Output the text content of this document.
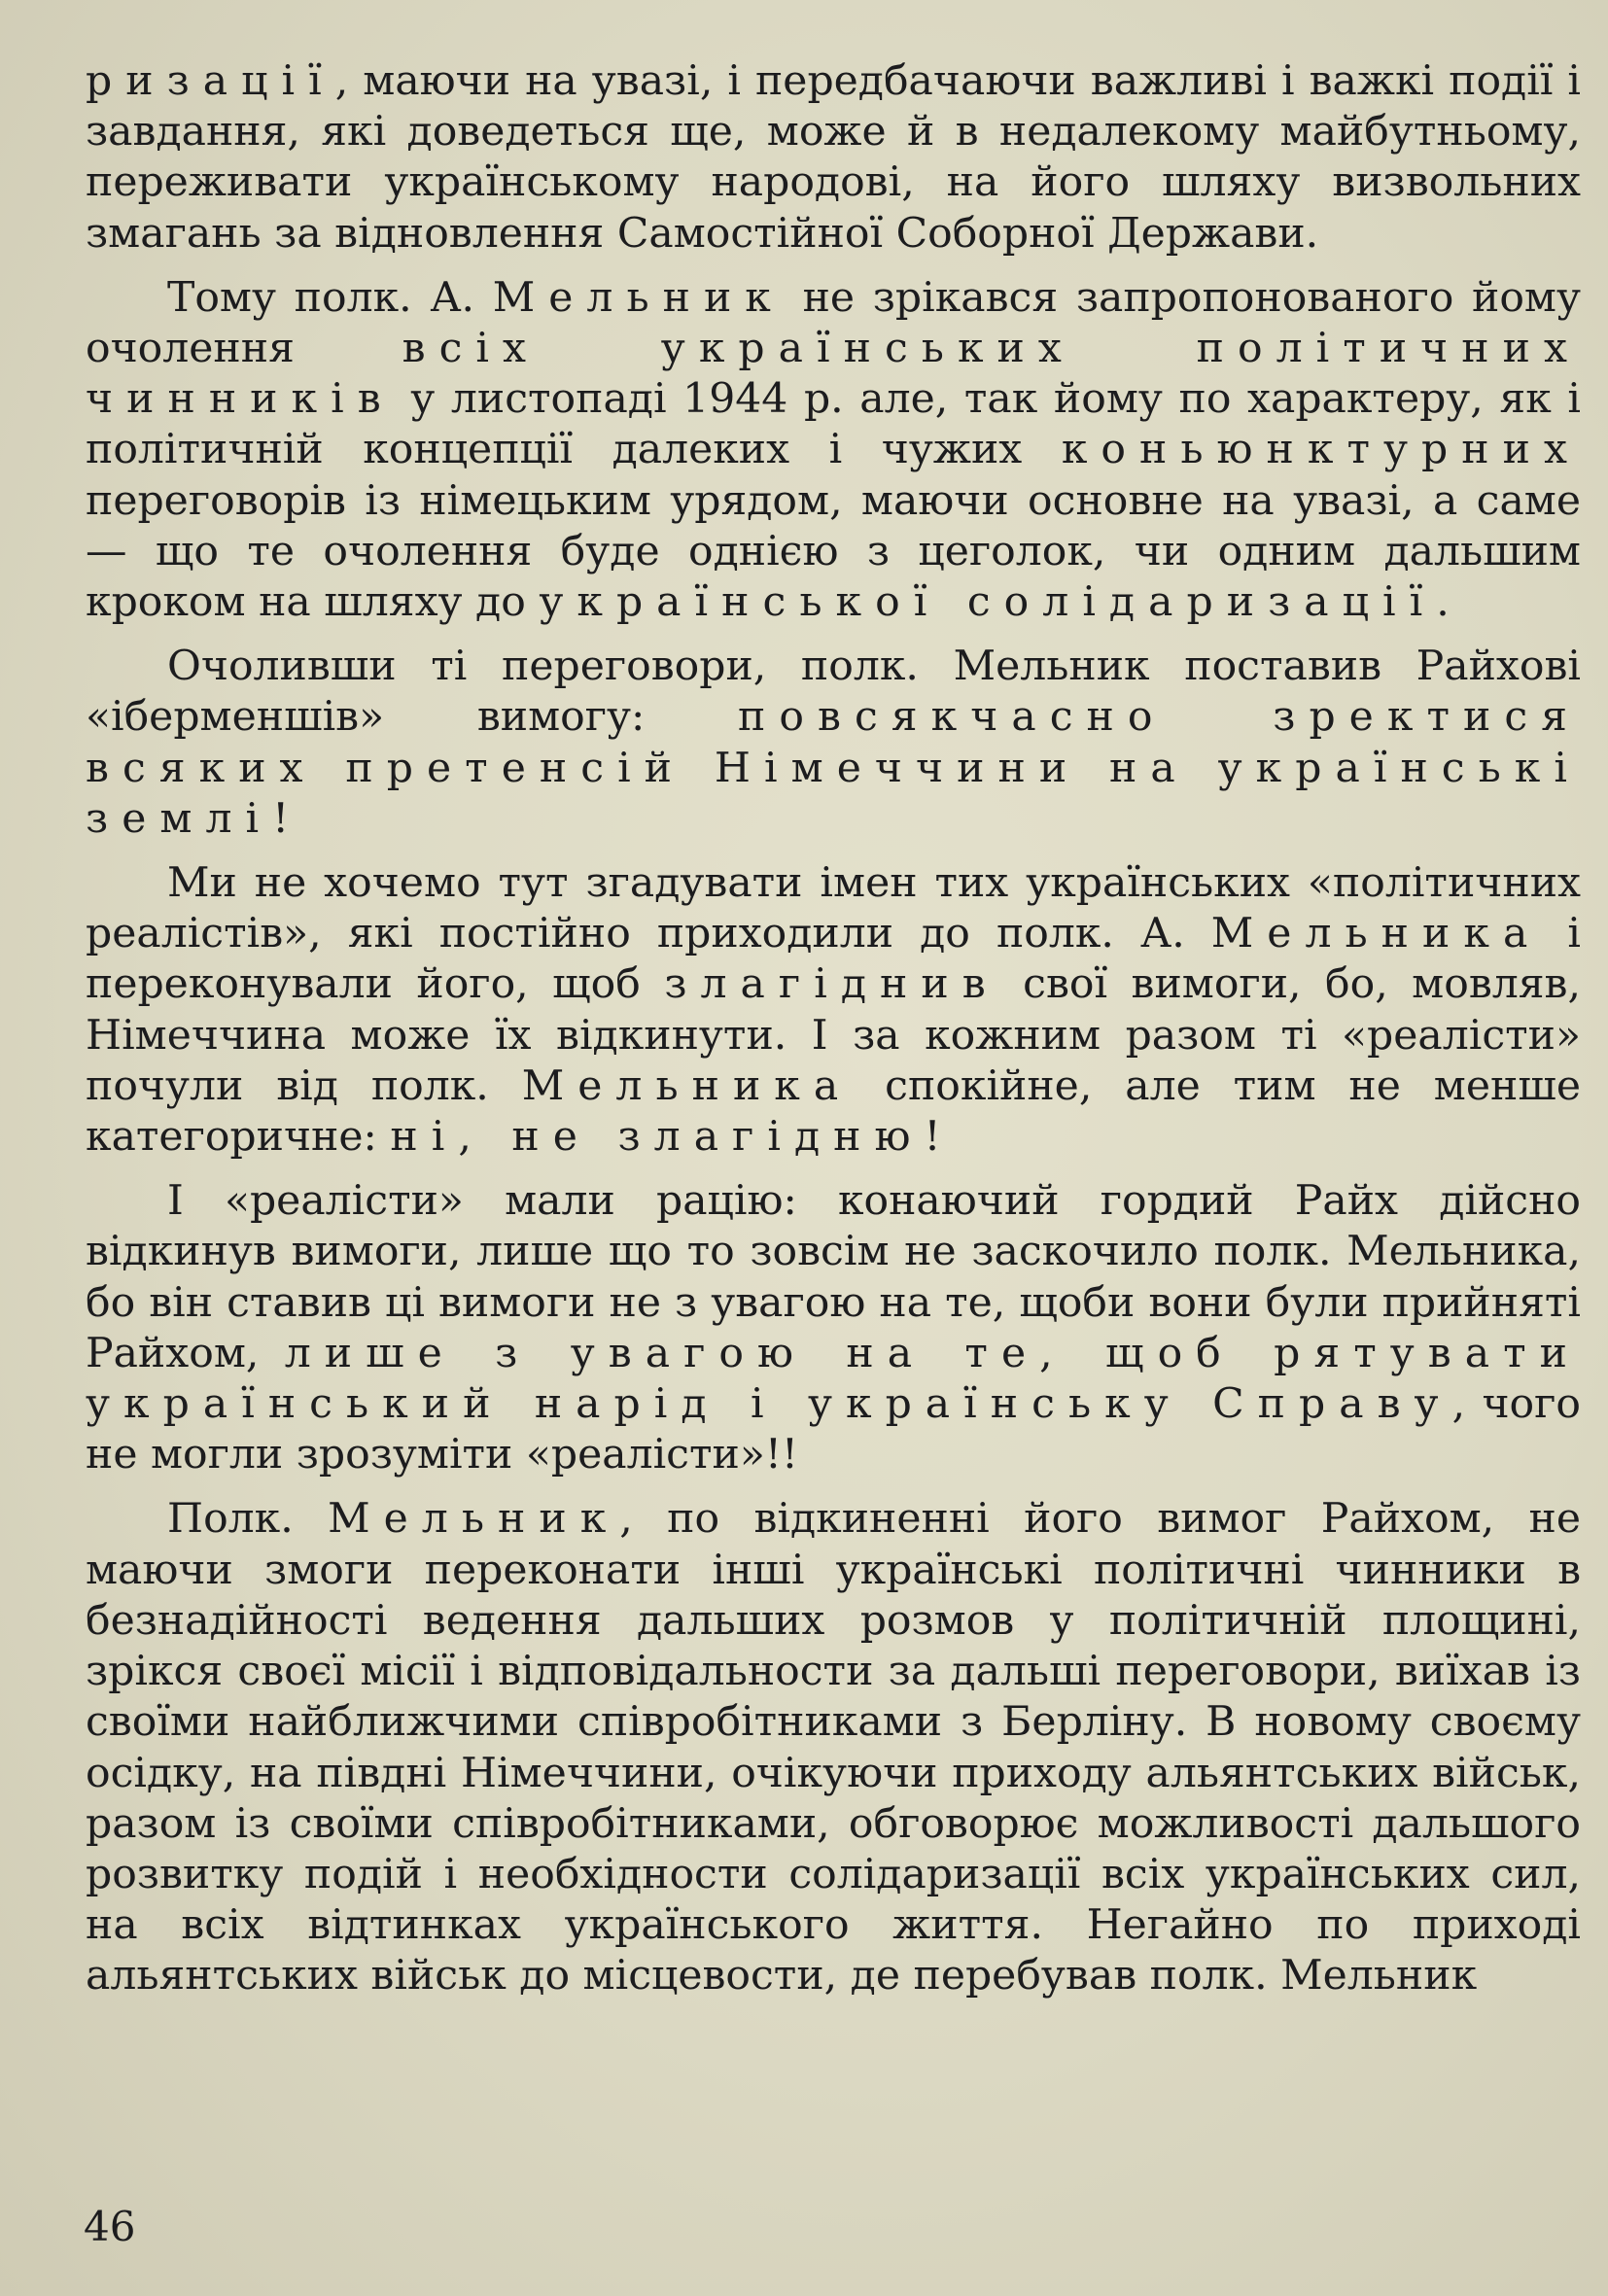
ризації, маючи на увазі, і передбачаючи важливі і важкі події і завдання, які доведеться ще, може й в недалекому майбутньому, переживати українському народові, на його шляху визвольних змагань за відновлення Самостійної Соборної Держави.

Тому полк. А. Мельник не зрікався запропонованого йому очолення всіх українських політичних чинників у листопаді 1944 р. але, так йому по характеру, як і політичній концепції далеких і чужих коньюнктурних переговорів із німецьким урядом, маючи основне на увазі, а саме — що те очолення буде однією з цеголок, чи одним дальшим кроком на шляху до української солідаризації.

Очоливши ті переговори, полк. Мельник поставив Райхові «іберменшів» вимогу: повсякчасно зректися всяких претенсій Німеччини на українські землі!

Ми не хочемо тут згадувати імен тих українських «політичних реалістів», які постійно приходили до полк. А. Мельника і переконували його, щоб злагіднив свої вимоги, бо, мовляв, Німеччина може їх відкинути. І за кожним разом ті «реалісти» почули від полк. Мельника спокійне, але тим не менше категоричне: ні, не злагідню!

І «реалісти» мали рацію: конаючий гордий Райх дійсно відкинув вимоги, лише що то зовсім не заскочило полк. Мельника, бо він ставив ці вимоги не з увагою на те, щоби вони були прийняті Райхом, лише з увагою на те, щоб рятувати український нарід і українську Справу, чого не могли зрозуміти «реалісти»!!

Полк. Мельник, по відкиненні його вимог Райхом, не маючи змоги переконати інші українські політичні чинники в безнадійності ведення дальших розмов у політичній площині, зрікся своєї місії і відповідальности за дальші переговори, виїхав із своїми найближчими співробітниками з Берліну. В новому своєму осідку, на півдні Німеччини, очікуючи приходу альянтських військ, разом із своїми співробітниками, обговорює можливості дальшого розвитку подій і необхідности солідаризації всіх українських сил, на всіх відтинках українського життя. Негайно по приході альянтських військ до місцевости, де перебував полк. Мельник

46
